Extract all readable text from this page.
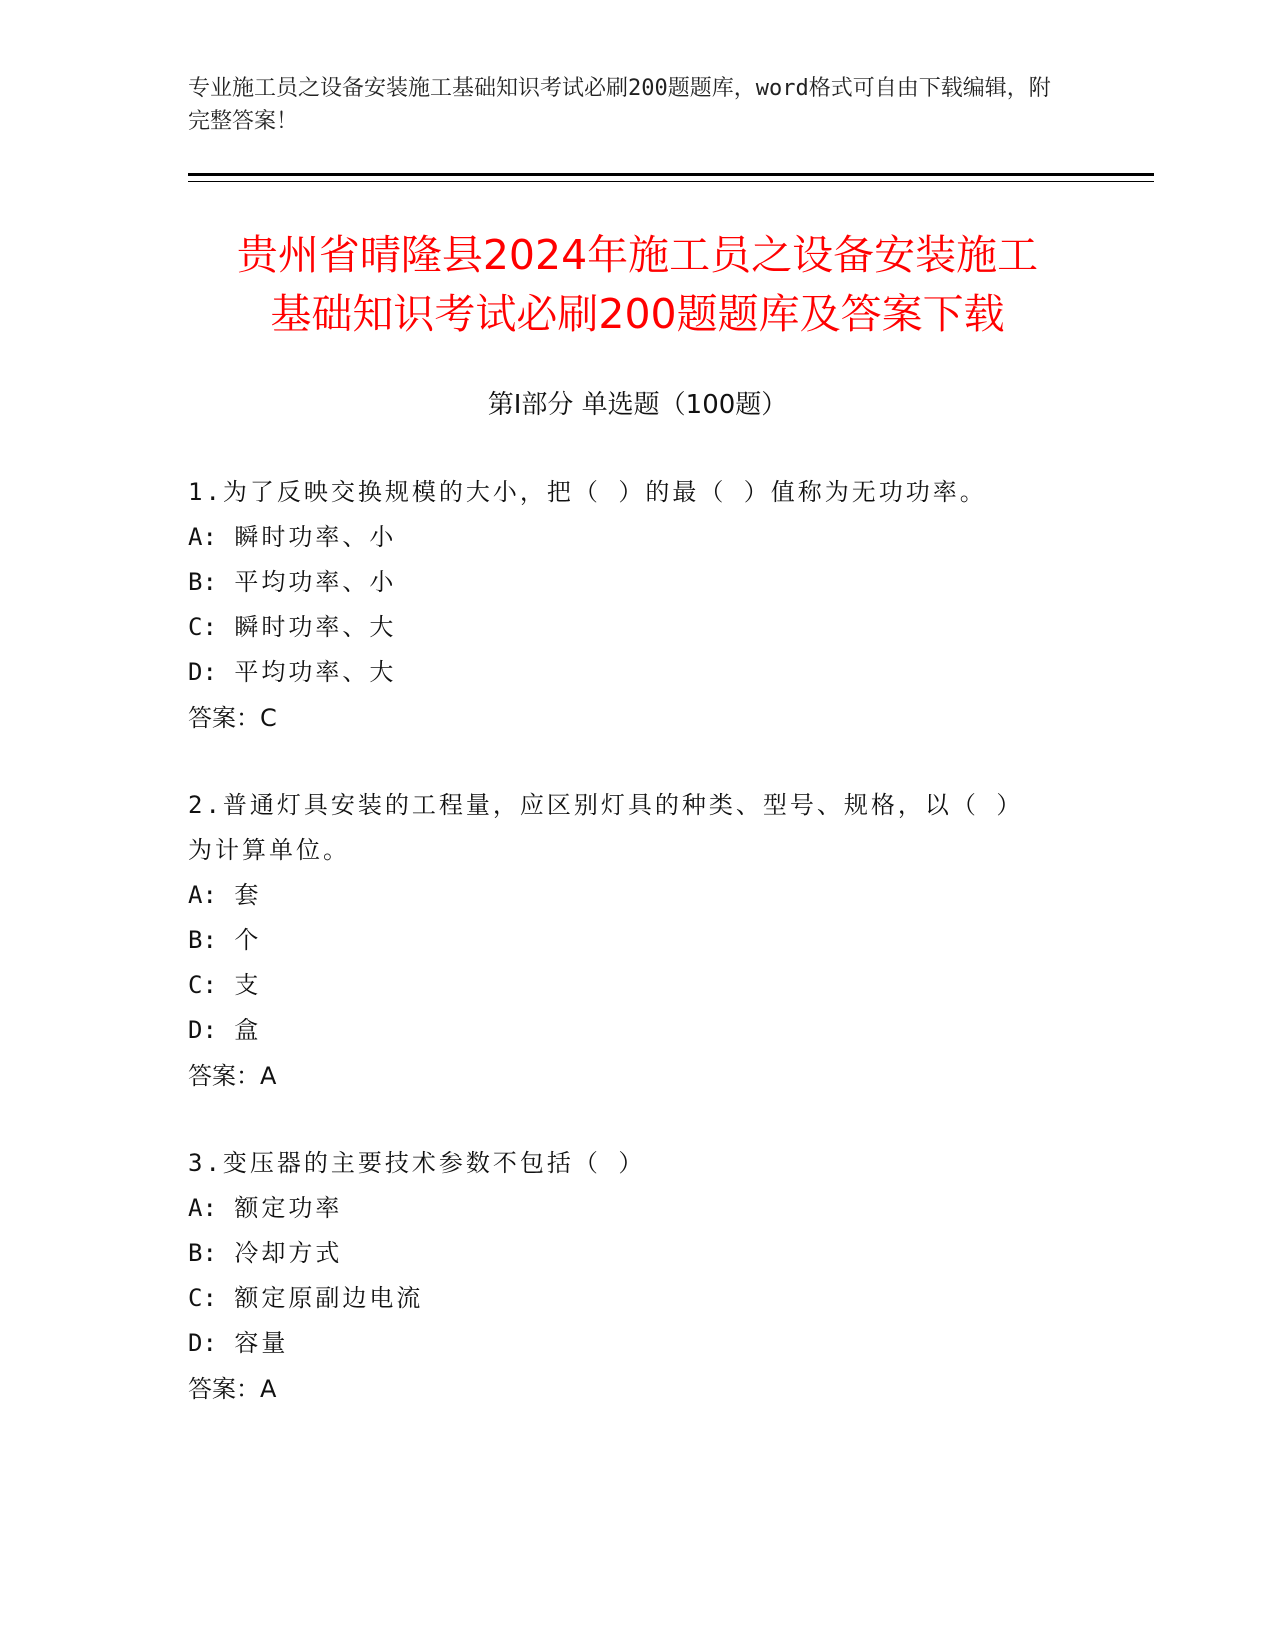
专业施工员之设备安装施工基础知识考试必刷200题题库，word格式可自由下载编辑，附完整答案！
贵州省晴隆县2024年施工员之设备安装施工
基础知识考试必刷200题题库及答案下载
第Ⅰ部分 单选题（100题）
1.为了反映交换规模的大小，把（ ）的最（ ）值称为无功功率。
A: 瞬时功率、小
B: 平均功率、小
C: 瞬时功率、大
D: 平均功率、大
答案：C
2.普通灯具安装的工程量，应区别灯具的种类、型号、规格，以（ ）
为计算单位。
A: 套
B: 个
C: 支
D: 盒
答案：A
3.变压器的主要技术参数不包括（ ）
A: 额定功率
B: 冷却方式
C: 额定原副边电流
D: 容量
答案：A
